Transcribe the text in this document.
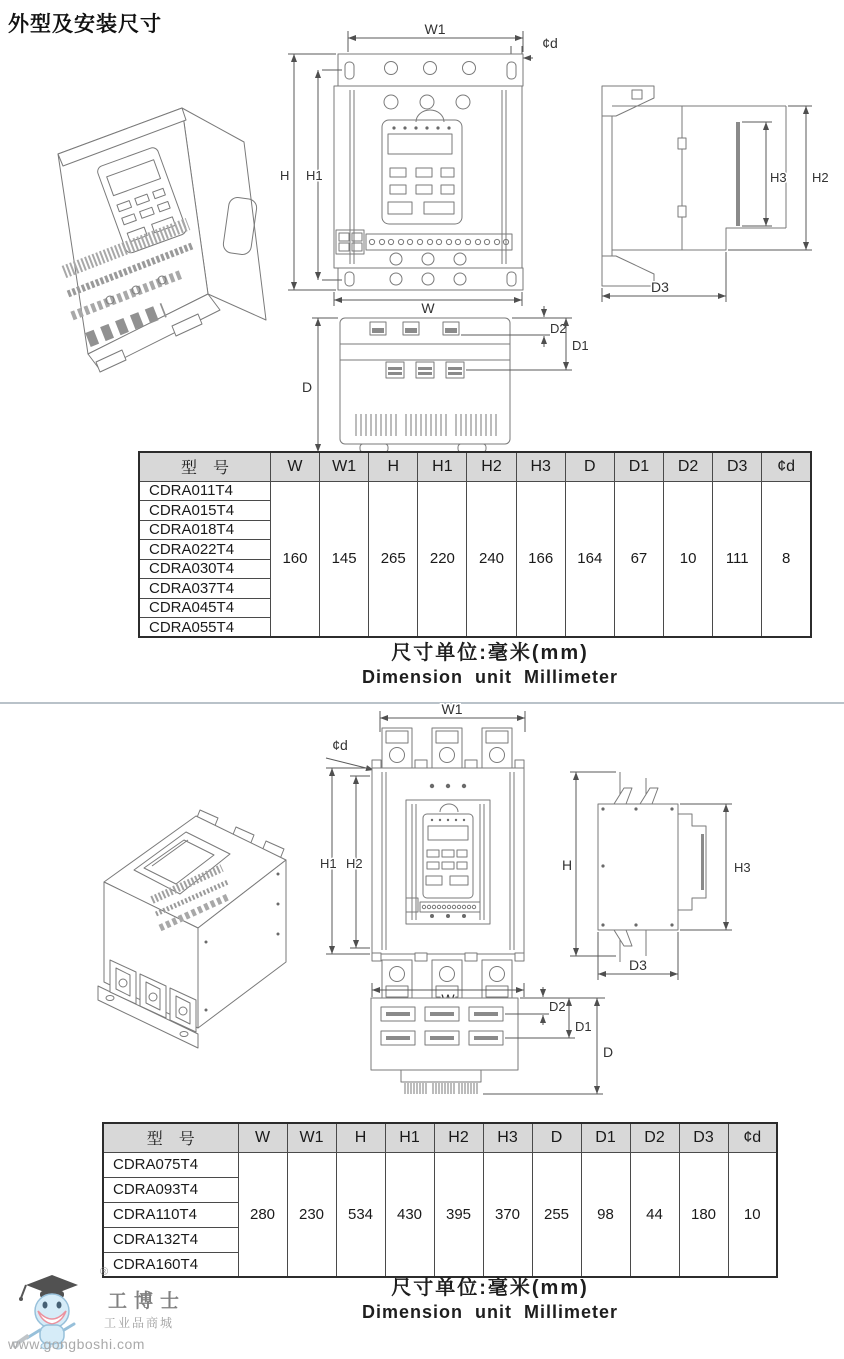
外型及安装尺寸	W1
¢d
H H1
W
H3 H2
D3
D
D2
D1
型　号	W	W1	H	H1	H2	H3	D	D1	D2	D3	¢d
CDRA011T4	160	145	265	220	240	166	164	67	10	111	8
CDRA015T4											
CDRA018T4											
CDRA022T4											
CDRA030T4											
CDRA037T4											
CDRA045T4											
CDRA055T4											
尺寸单位:毫米(mm)
Dimension unit Millimeter
W1
¢d
H1 H2	H	H3
D3
D2
D1
D
型　号	W	W1	H	H1	H2	H3	D	D1	D2	D3	¢d
CDRA075T4	280	230	534	430	395	370	255	98	44	180	10
CDRA093T4											
CDRA110T4											
CDRA132T4											
CDRA160T4											
尺寸单位:毫米(mm)
Dimension unit Millimeter
®
工博士
工业品商城
www.gongboshi.com
